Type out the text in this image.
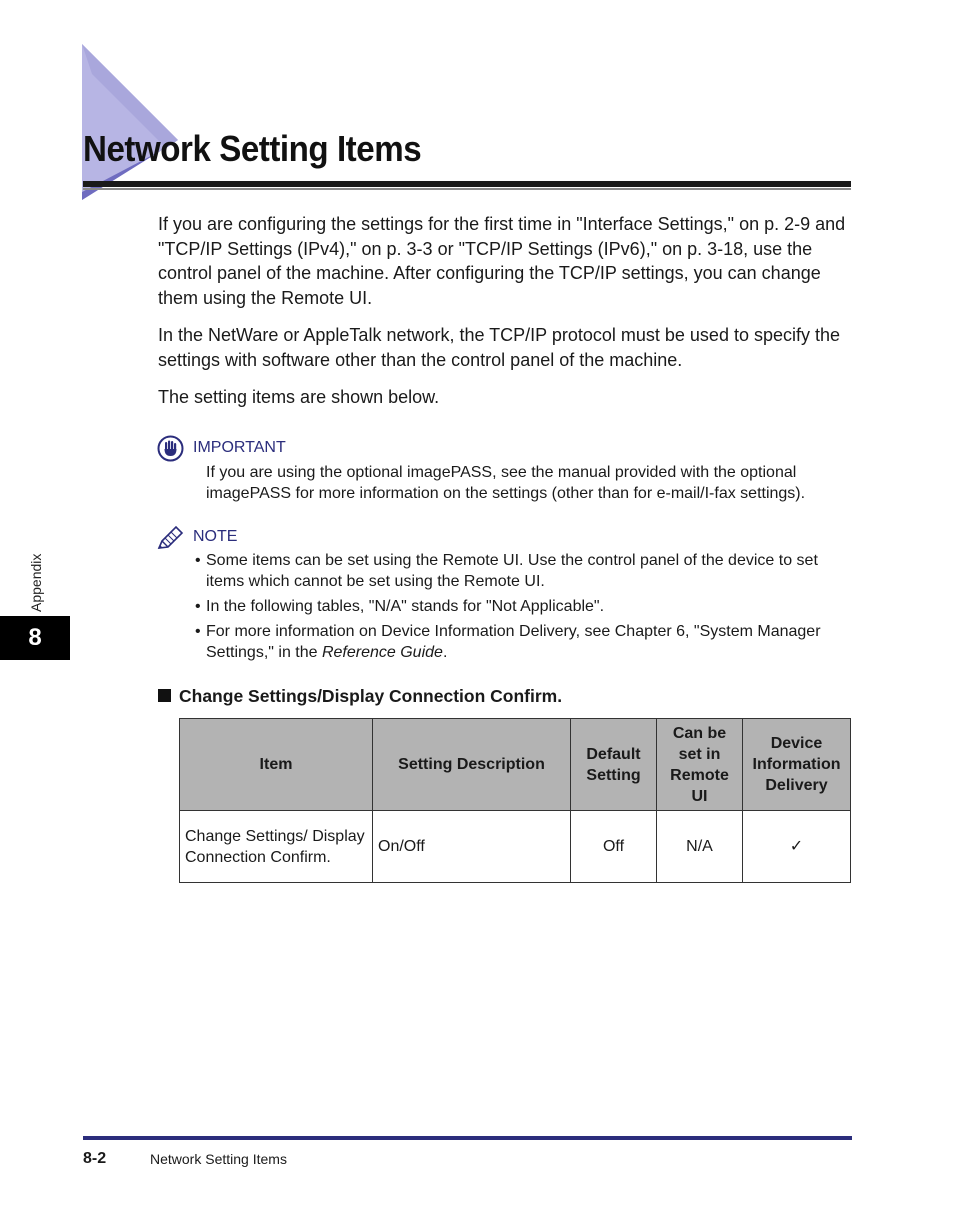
Network Setting Items

If you are configuring the settings for the first time in "Interface Settings," on p. 2-9 and "TCP/IP Settings (IPv4)," on p. 3-3 or "TCP/IP Settings (IPv6)," on p. 3-18, use the control panel of the machine. After configuring the TCP/IP settings, you can change them using the Remote UI.

In the NetWare or AppleTalk network, the TCP/IP protocol must be used to specify the settings with software other than the control panel of the machine.

The setting items are shown below.

IMPORTANT

If you are using the optional imagePASS, see the manual provided with the optional imagePASS for more information on the settings (other than for e-mail/I-fax settings).

NOTE
• Some items can be set using the Remote UI. Use the control panel of the device to set items which cannot be set using the Remote UI.
• In the following tables, "N/A" stands for "Not Applicable".
• For more information on Device Information Delivery, see Chapter 6, "System Manager Settings," in the Reference Guide.
Change Settings/Display Connection Confirm.
Item	Setting Description	Default Setting	Can be set in Remote UI	Device Information Delivery
Change Settings/ Display Connection Confirm.	On/Off	Off	N/A	✓
Appendix
8
8-2	Network Setting Items
